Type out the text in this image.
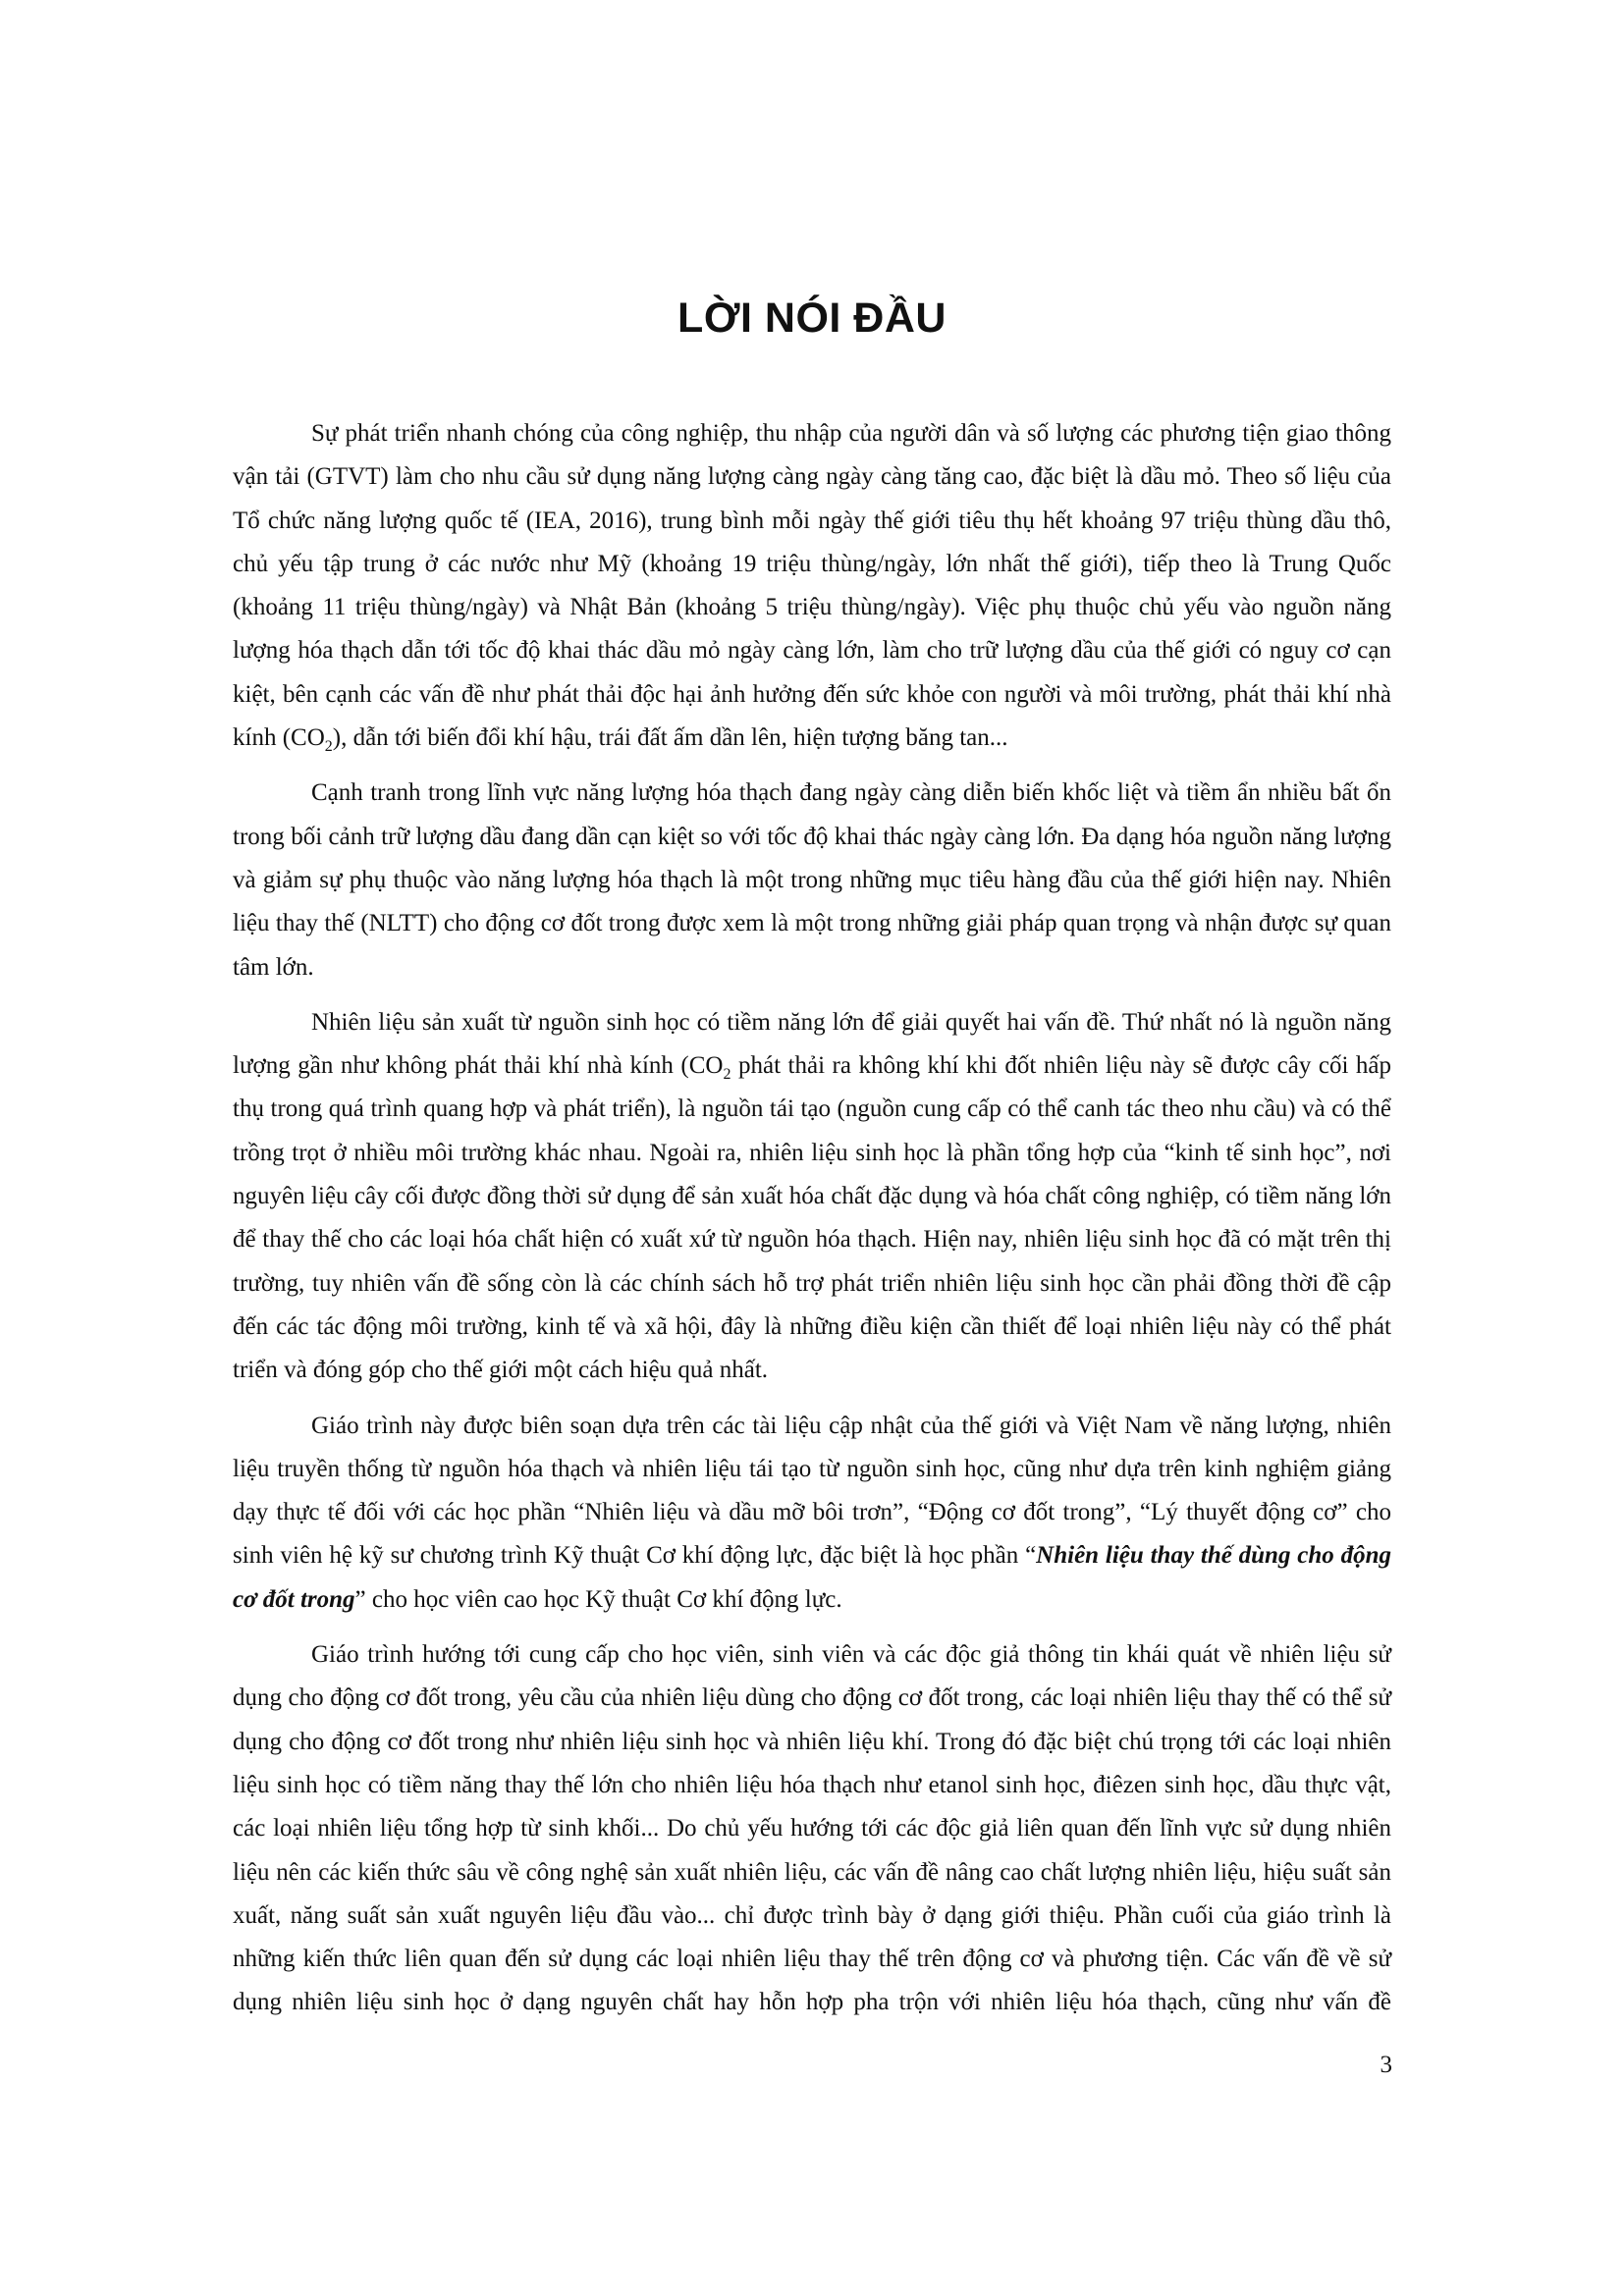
LỜI NÓI ĐẦU

Sự phát triển nhanh chóng của công nghiệp, thu nhập của người dân và số lượng các phương tiện giao thông vận tải (GTVT) làm cho nhu cầu sử dụng năng lượng càng ngày càng tăng cao, đặc biệt là dầu mỏ. Theo số liệu của Tổ chức năng lượng quốc tế (IEA, 2016), trung bình mỗi ngày thế giới tiêu thụ hết khoảng 97 triệu thùng dầu thô, chủ yếu tập trung ở các nước như Mỹ (khoảng 19 triệu thùng/ngày, lớn nhất thế giới), tiếp theo là Trung Quốc (khoảng 11 triệu thùng/ngày) và Nhật Bản (khoảng 5 triệu thùng/ngày). Việc phụ thuộc chủ yếu vào nguồn năng lượng hóa thạch dẫn tới tốc độ khai thác dầu mỏ ngày càng lớn, làm cho trữ lượng dầu của thế giới có nguy cơ cạn kiệt, bên cạnh các vấn đề như phát thải độc hại ảnh hưởng đến sức khỏe con người và môi trường, phát thải khí nhà kính $(CO_2)$, dẫn tới biến đổi khí hậu, trái đất ấm dần lên, hiện tượng băng tan...

Cạnh tranh trong lĩnh vực năng lượng hóa thạch đang ngày càng diễn biến khốc liệt và tiềm ẩn nhiều bất ổn trong bối cảnh trữ lượng dầu đang dần cạn kiệt so với tốc độ khai thác ngày càng lớn. Đa dạng hóa nguồn năng lượng và giảm sự phụ thuộc vào năng lượng hóa thạch là một trong những mục tiêu hàng đầu của thế giới hiện nay. Nhiên liệu thay thế (NLTT) cho động cơ đốt trong được xem là một trong những giải pháp quan trọng và nhận được sự quan tâm lớn.

Nhiên liệu sản xuất từ nguồn sinh học có tiềm năng lớn để giải quyết hai vấn đề. Thứ nhất nó là nguồn năng lượng gần như không phát thải khí nhà kính ($CO_2$ phát thải ra không khí khi đốt nhiên liệu này sẽ được cây cối hấp thụ trong quá trình quang hợp và phát triển), là nguồn tái tạo (nguồn cung cấp có thể canh tác theo nhu cầu) và có thể trồng trọt ở nhiều môi trường khác nhau. Ngoài ra, nhiên liệu sinh học là phần tổng hợp của “kinh tế sinh học”, nơi nguyên liệu cây cối được đồng thời sử dụng để sản xuất hóa chất đặc dụng và hóa chất công nghiệp, có tiềm năng lớn để thay thế cho các loại hóa chất hiện có xuất xứ từ nguồn hóa thạch. Hiện nay, nhiên liệu sinh học đã có mặt trên thị trường, tuy nhiên vấn đề sống còn là các chính sách hỗ trợ phát triển nhiên liệu sinh học cần phải đồng thời đề cập đến các tác động môi trường, kinh tế và xã hội, đây là những điều kiện cần thiết để loại nhiên liệu này có thể phát triển và đóng góp cho thế giới một cách hiệu quả nhất.

Giáo trình này được biên soạn dựa trên các tài liệu cập nhật của thế giới và Việt Nam về năng lượng, nhiên liệu truyền thống từ nguồn hóa thạch và nhiên liệu tái tạo từ nguồn sinh học, cũng như dựa trên kinh nghiệm giảng dạy thực tế đối với các học phần “Nhiên liệu và dầu mỡ bôi trơn”, “Động cơ đốt trong”, “Lý thuyết động cơ” cho sinh viên hệ kỹ sư chương trình Kỹ thuật Cơ khí động lực, đặc biệt là học phần “Nhiên liệu thay thế dùng cho động cơ đốt trong” cho học viên cao học Kỹ thuật Cơ khí động lực.

Giáo trình hướng tới cung cấp cho học viên, sinh viên và các độc giả thông tin khái quát về nhiên liệu sử dụng cho động cơ đốt trong, yêu cầu của nhiên liệu dùng cho động cơ đốt trong, các loại nhiên liệu thay thế có thể sử dụng cho động cơ đốt trong như nhiên liệu sinh học và nhiên liệu khí. Trong đó đặc biệt chú trọng tới các loại nhiên liệu sinh học có tiềm năng thay thế lớn cho nhiên liệu hóa thạch như etanol sinh học, điêzen sinh học, dầu thực vật, các loại nhiên liệu tổng hợp từ sinh khối... Do chủ yếu hướng tới các độc giả liên quan đến lĩnh vực sử dụng nhiên liệu nên các kiến thức sâu về công nghệ sản xuất nhiên liệu, các vấn đề nâng cao chất lượng nhiên liệu, hiệu suất sản xuất, năng suất sản xuất nguyên liệu đầu vào... chỉ được trình bày ở dạng giới thiệu. Phần cuối của giáo trình là những kiến thức liên quan đến sử dụng các loại nhiên liệu thay thế trên động cơ và phương tiện. Các vấn đề về sử dụng nhiên liệu sinh học ở dạng nguyên chất hay hỗn hợp pha trộn với nhiên liệu hóa thạch, cũng như vấn đề

3
